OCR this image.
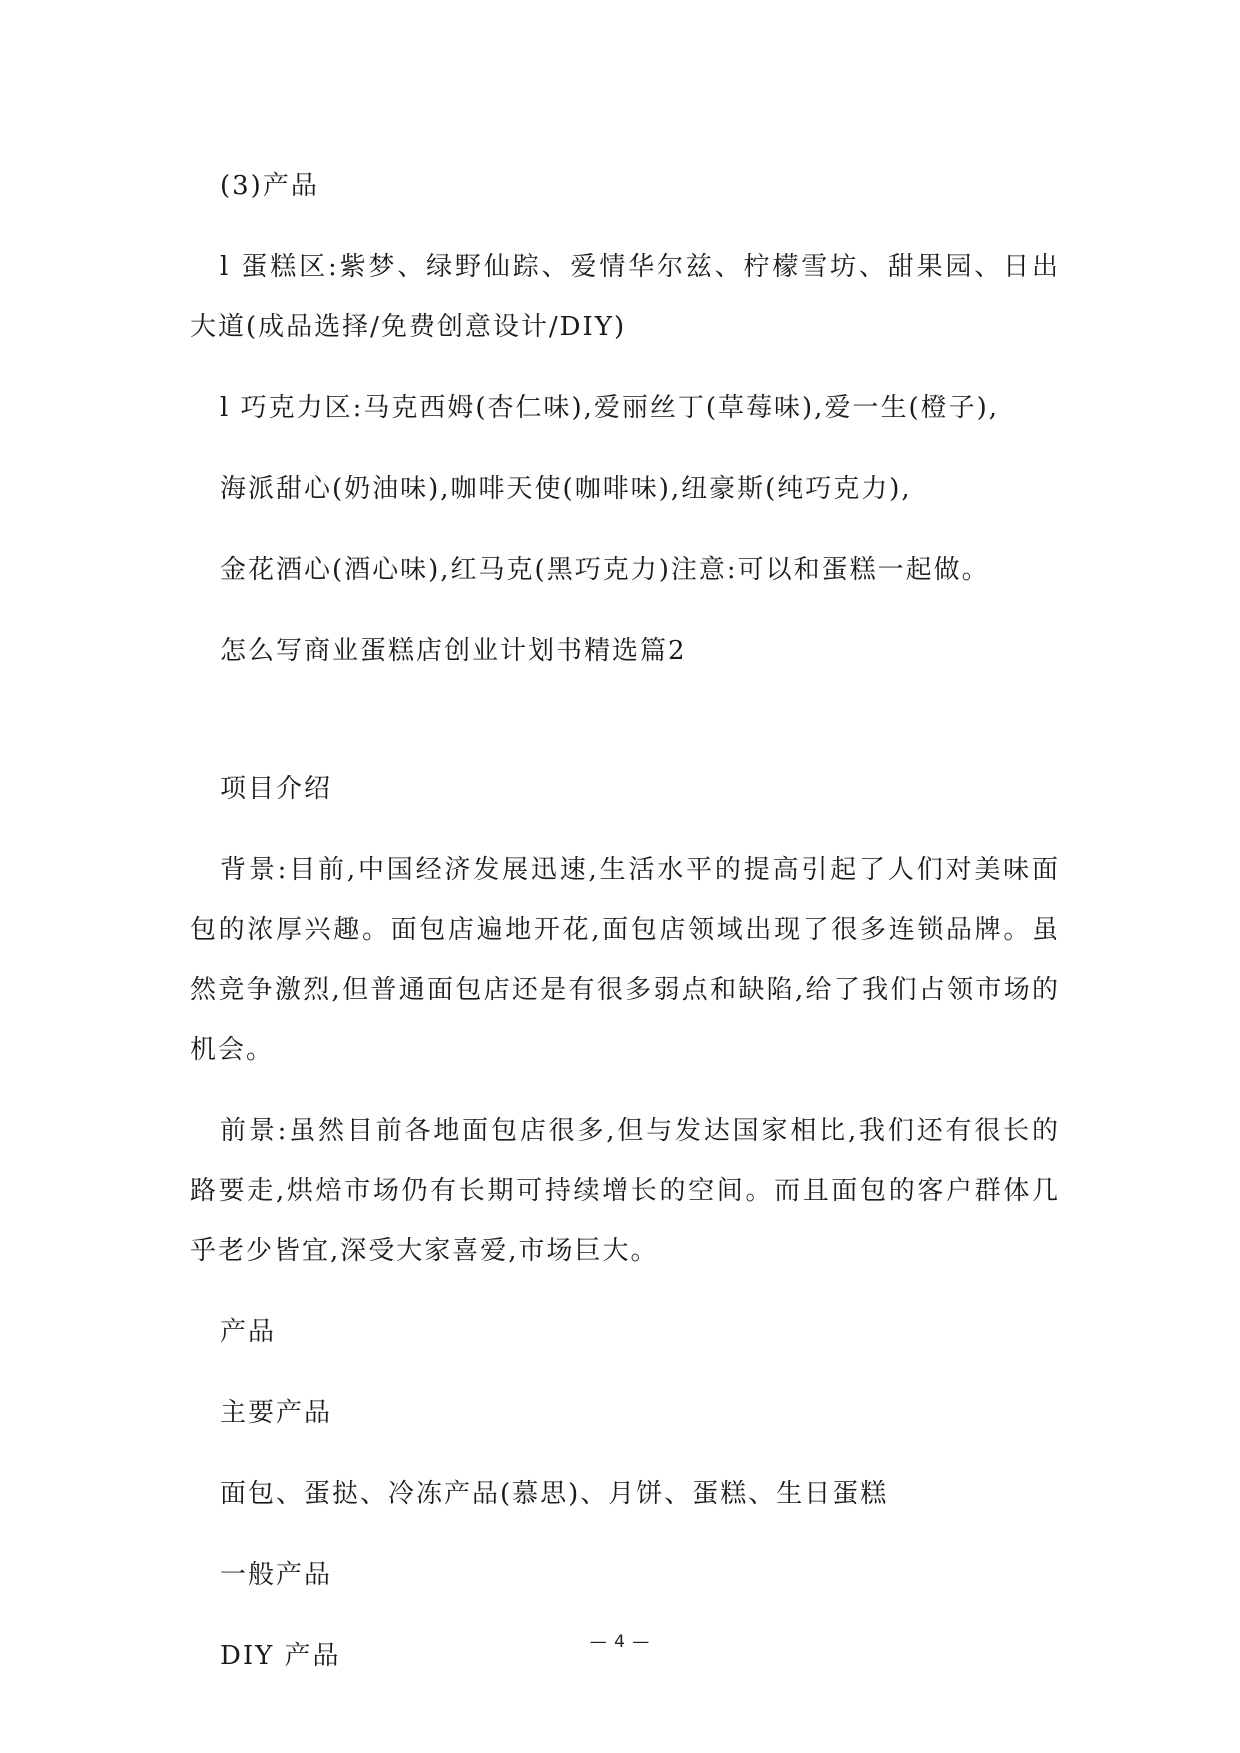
(3)产品

l 蛋糕区:紫梦、绿野仙踪、爱情华尔兹、柠檬雪坊、甜果园、日出大道(成品选择/免费创意设计/DIY)

l 巧克力区:马克西姆(杏仁味),爱丽丝丁(草莓味),爱一生(橙子),

海派甜心(奶油味),咖啡天使(咖啡味),纽豪斯(纯巧克力),

金花酒心(酒心味),红马克(黑巧克力)注意:可以和蛋糕一起做。

怎么写商业蛋糕店创业计划书精选篇2

项目介绍

背景:目前,中国经济发展迅速,生活水平的提高引起了人们对美味面包的浓厚兴趣。面包店遍地开花,面包店领域出现了很多连锁品牌。虽然竞争激烈,但普通面包店还是有很多弱点和缺陷,给了我们占领市场的机会。

前景:虽然目前各地面包店很多,但与发达国家相比,我们还有很长的路要走,烘焙市场仍有长期可持续增长的空间。而且面包的客户群体几乎老少皆宜,深受大家喜爱,市场巨大。

产品

主要产品

面包、蛋挞、冷冻产品(慕思)、月饼、蛋糕、生日蛋糕

一般产品

DIY 产品	— 4 —
